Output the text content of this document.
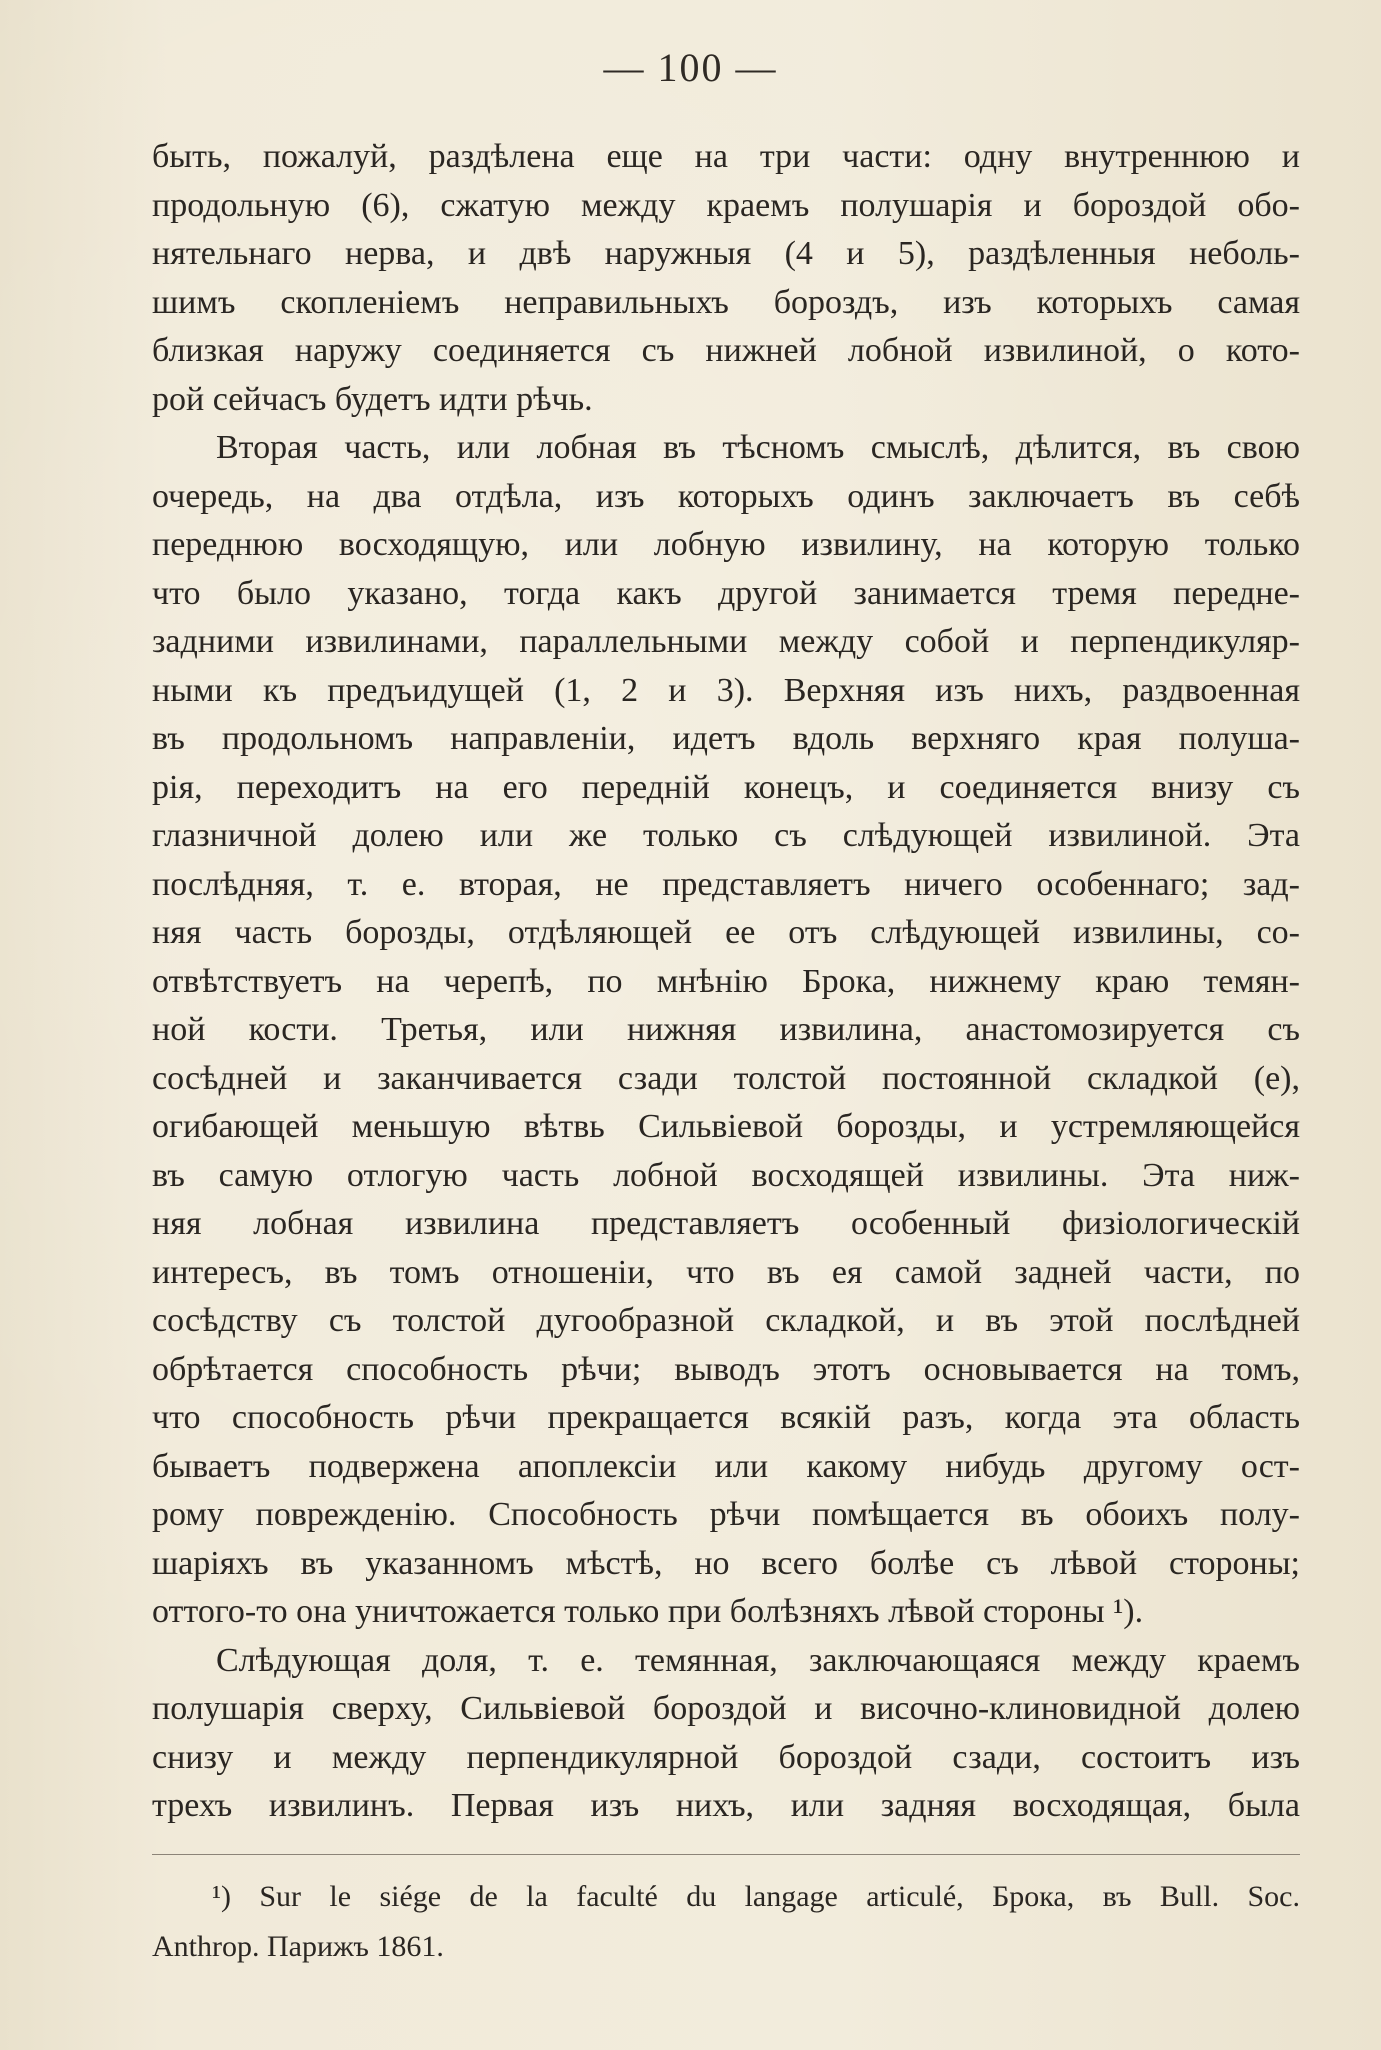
— 100 —
быть, пожалуй, раздѣлена еще на три части: одну внутреннюю и
продольную (6), сжатую между краемъ полушарія и бороздой обо-
нятельнаго нерва, и двѣ наружныя (4 и 5), раздѣленныя неболь-
шимъ скопленіемъ неправильныхъ бороздъ, изъ которыхъ самая
близкая наружу соединяется съ нижней лобной извилиной, о кото-
рой сейчасъ будетъ идти рѣчь.
Вторая часть, или лобная въ тѣсномъ смыслѣ, дѣлится, въ свою
очередь, на два отдѣла, изъ которыхъ одинъ заключаетъ въ себѣ
переднюю восходящую, или лобную извилину, на которую только
что было указано, тогда какъ другой занимается тремя передне-
задними извилинами, параллельными между собой и перпендикуляр-
ными къ предъидущей (1, 2 и 3). Верхняя изъ нихъ, раздвоенная
въ продольномъ направленіи, идетъ вдоль верхняго края полуша-
рія, переходитъ на его передній конецъ, и соединяется внизу съ
глазничной долею или же только съ слѣдующей извилиной. Эта
послѣдняя, т. е. вторая, не представляетъ ничего особеннаго; зад-
няя часть борозды, отдѣляющей ее отъ слѣдующей извилины, со-
отвѣтствуетъ на черепѣ, по мнѣнію Брока, нижнему краю темян-
ной кости. Третья, или нижняя извилина, анастомозируется съ
сосѣдней и заканчивается сзади толстой постоянной складкой (е),
огибающей меньшую вѣтвь Сильвіевой борозды, и устремляющейся
въ самую отлогую часть лобной восходящей извилины. Эта ниж-
няя лобная извилина представляетъ особенный физіологическій
интересъ, въ томъ отношеніи, что въ ея самой задней части, по
сосѣдству съ толстой дугообразной складкой, и въ этой послѣдней
обрѣтается способность рѣчи; выводъ этотъ основывается на томъ,
что способность рѣчи прекращается всякій разъ, когда эта область
бываетъ подвержена апоплексіи или какому нибудь другому ост-
рому поврежденію. Способность рѣчи помѣщается въ обоихъ полу-
шаріяхъ въ указанномъ мѣстѣ, но всего болѣе съ лѣвой стороны;
оттого-то она уничтожается только при болѣзняхъ лѣвой стороны ¹).
Слѣдующая доля, т. е. темянная, заключающаяся между краемъ
полушарія сверху, Сильвіевой бороздой и височно-клиновидной долею
снизу и между перпендикулярной бороздой сзади, состоитъ изъ
трехъ извилинъ. Первая изъ нихъ, или задняя восходящая, была
¹) Sur le siége de la faculté du langage articulé, Брока, въ Bull. Soc.
Anthrop. Парижъ 1861.
